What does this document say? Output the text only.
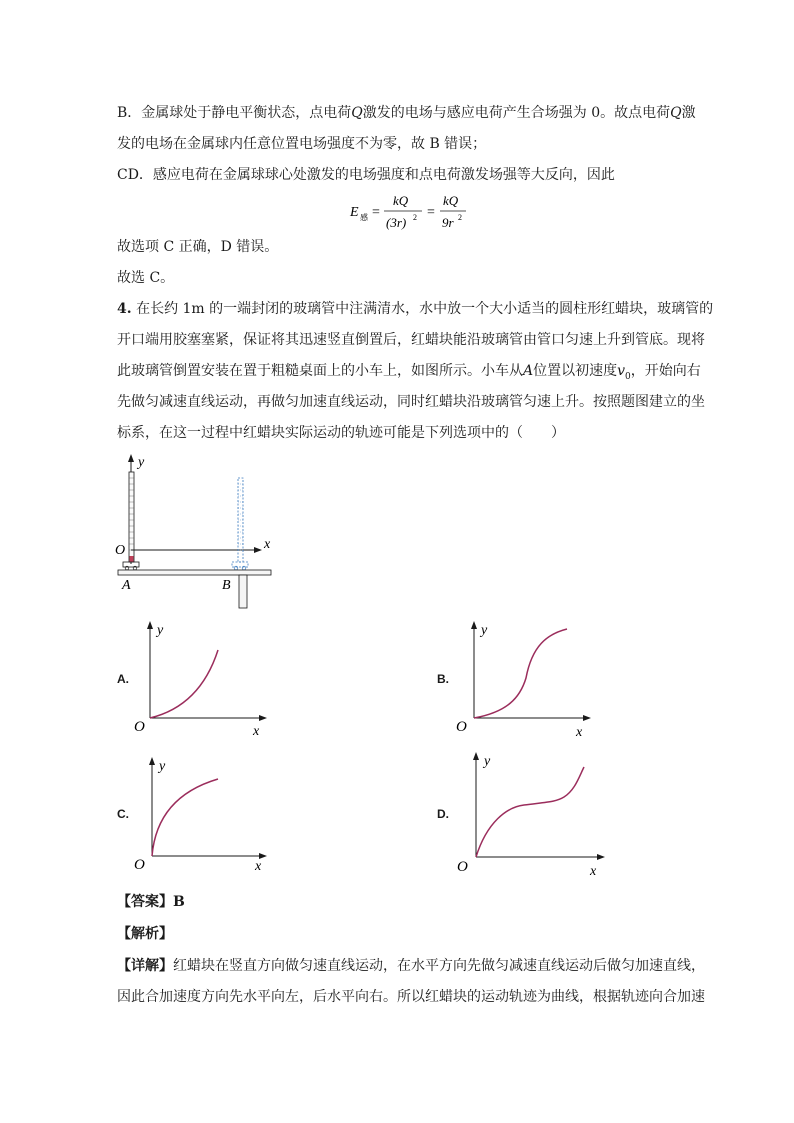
B．金属球处于静电平衡状态，点电荷Q激发的电场与感应电荷产生合场强为 0。故点电荷Q激
发的电场在金属球内任意位置电场强度不为零，故 B 错误；
CD．感应电荷在金属球球心处激发的电场强度和点电荷激发场强等大反向，因此
E 感 =
kQ
(3r) 2 =
kQ
9r 2
故选项 C 正确，D 错误。
故选 C。
4. 在长约 1m 的一端封闭的玻璃管中注满清水，水中放一个大小适当的圆柱形红蜡块，玻璃管的
开口端用胶塞塞紧，保证将其迅速竖直倒置后，红蜡块能沿玻璃管由管口匀速上升到管底。现将
此玻璃管倒置安装在置于粗糙桌面上的小车上，如图所示。小车从A位置以初速度$v_0$，开始向右
先做匀减速直线运动，再做匀加速直线运动，同时红蜡块沿玻璃管匀速上升。按照题图建立的坐
标系，在这一过程中红蜡块实际运动的轨迹可能是下列选项中的（　　）
y
O	x
A	B
A.
y
x
O
B.
y
x
O
C.
y
x
O
D.
y
x
O
【答案】B
【解析】
【详解】红蜡块在竖直方向做匀速直线运动，在水平方向先做匀减速直线运动后做匀加速直线，
因此合加速度方向先水平向左，后水平向右。所以红蜡块的运动轨迹为曲线，根据轨迹向合加速
